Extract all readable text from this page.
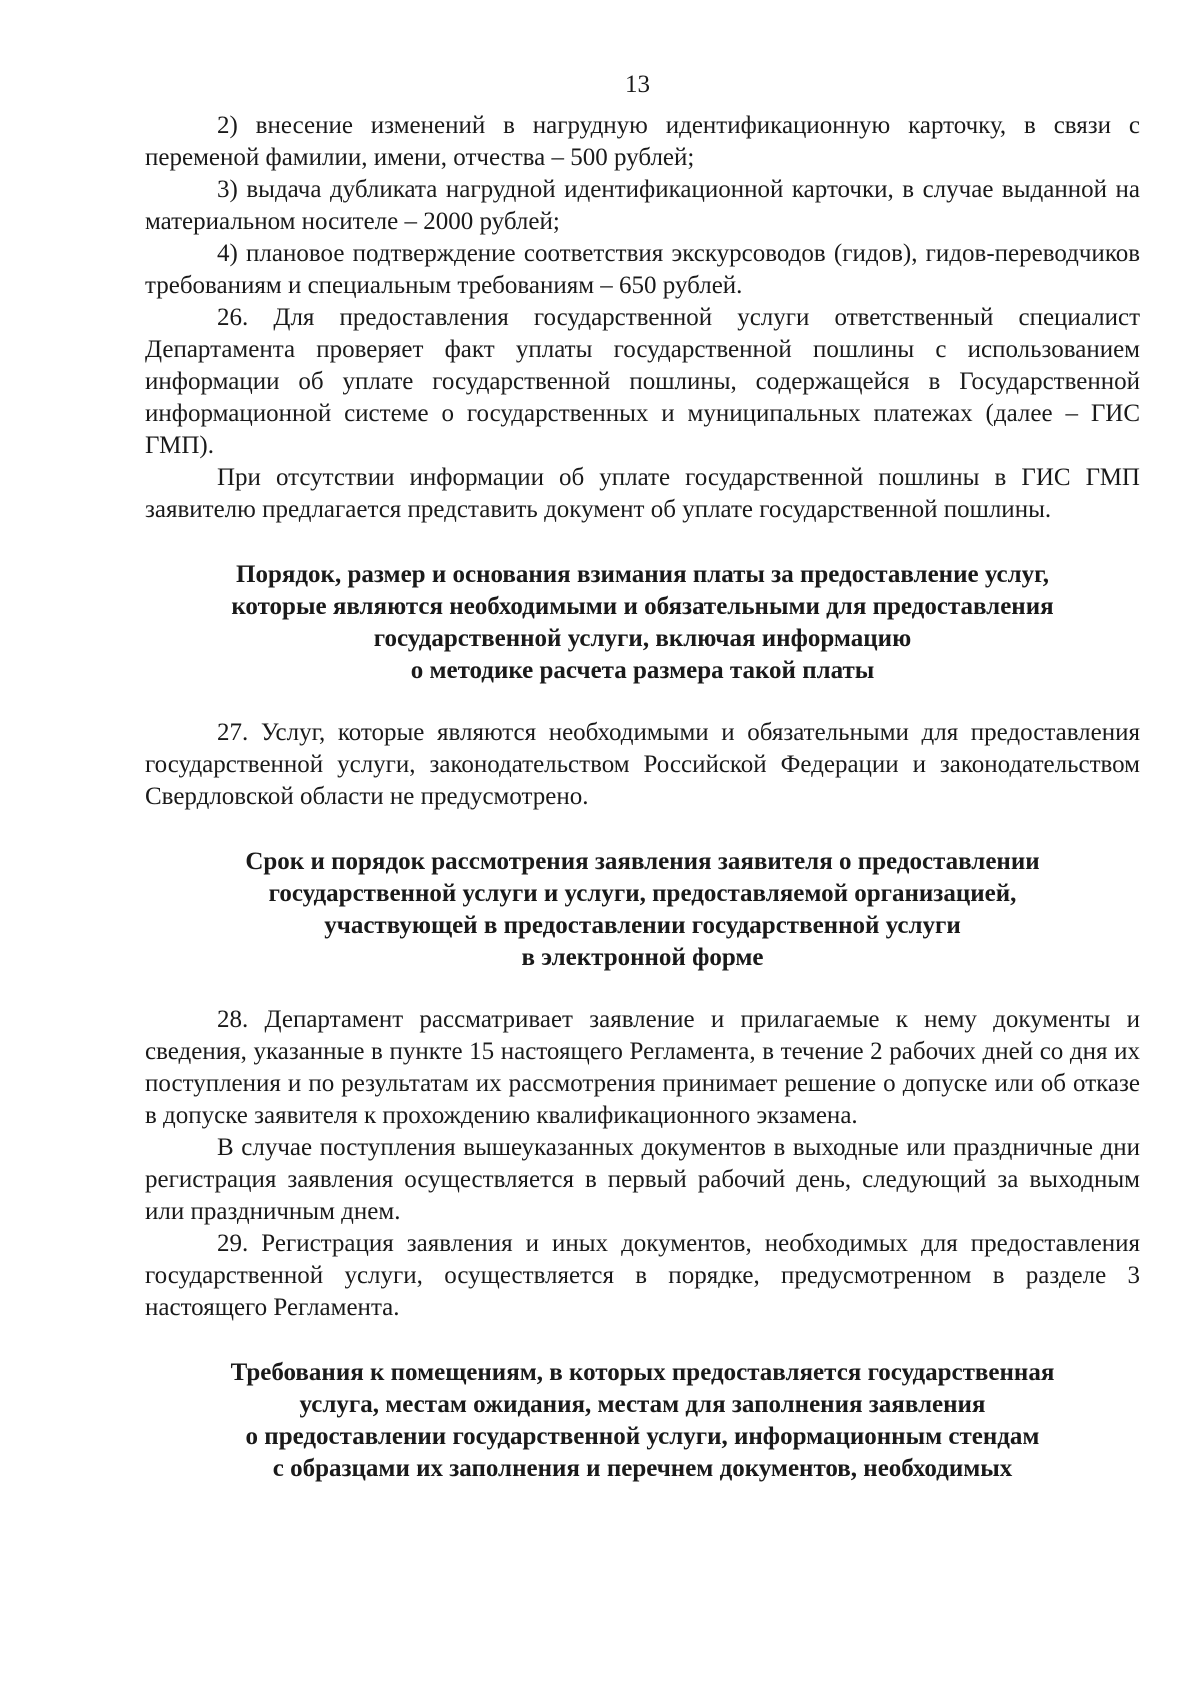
13

2) внесение изменений в нагрудную идентификационную карточку, в связи с переменой фамилии, имени, отчества – 500 рублей;

3) выдача дубликата нагрудной идентификационной карточки, в случае выданной на материальном носителе – 2000 рублей;

4) плановое подтверждение соответствия экскурсоводов (гидов), гидов-переводчиков требованиям и специальным требованиям – 650 рублей.

26. Для предоставления государственной услуги ответственный специалист Департамента проверяет факт уплаты государственной пошлины с использованием информации об уплате государственной пошлины, содержащейся в Государственной информационной системе о государственных и муниципальных платежах (далее – ГИС ГМП).

При отсутствии информации об уплате государственной пошлины в ГИС ГМП заявителю предлагается представить документ об уплате государственной пошлины.

Порядок, размер и основания взимания платы за предоставление услуг,
которые являются необходимыми и обязательными для предоставления
государственной услуги, включая информацию
о методике расчета размера такой платы

27. Услуг, которые являются необходимыми и обязательными для предоставления государственной услуги, законодательством Российской Федерации и законодательством Свердловской области не предусмотрено.

Срок и порядок рассмотрения заявления заявителя о предоставлении
государственной услуги и услуги, предоставляемой организацией,
участвующей в предоставлении государственной услуги
в электронной форме

28. Департамент рассматривает заявление и прилагаемые к нему документы и сведения, указанные в пункте 15 настоящего Регламента, в течение 2 рабочих дней со дня их поступления и по результатам их рассмотрения принимает решение о допуске или об отказе в допуске заявителя к прохождению квалификационного экзамена.

В случае поступления вышеуказанных документов в выходные или праздничные дни регистрация заявления осуществляется в первый рабочий день, следующий за выходным или праздничным днем.

29. Регистрация заявления и иных документов, необходимых для предоставления государственной услуги, осуществляется в порядке, предусмотренном в разделе 3 настоящего Регламента.

Требования к помещениям, в которых предоставляется государственная
услуга, местам ожидания, местам для заполнения заявления
о предоставлении государственной услуги, информационным стендам
с образцами их заполнения и перечнем документов, необходимых
